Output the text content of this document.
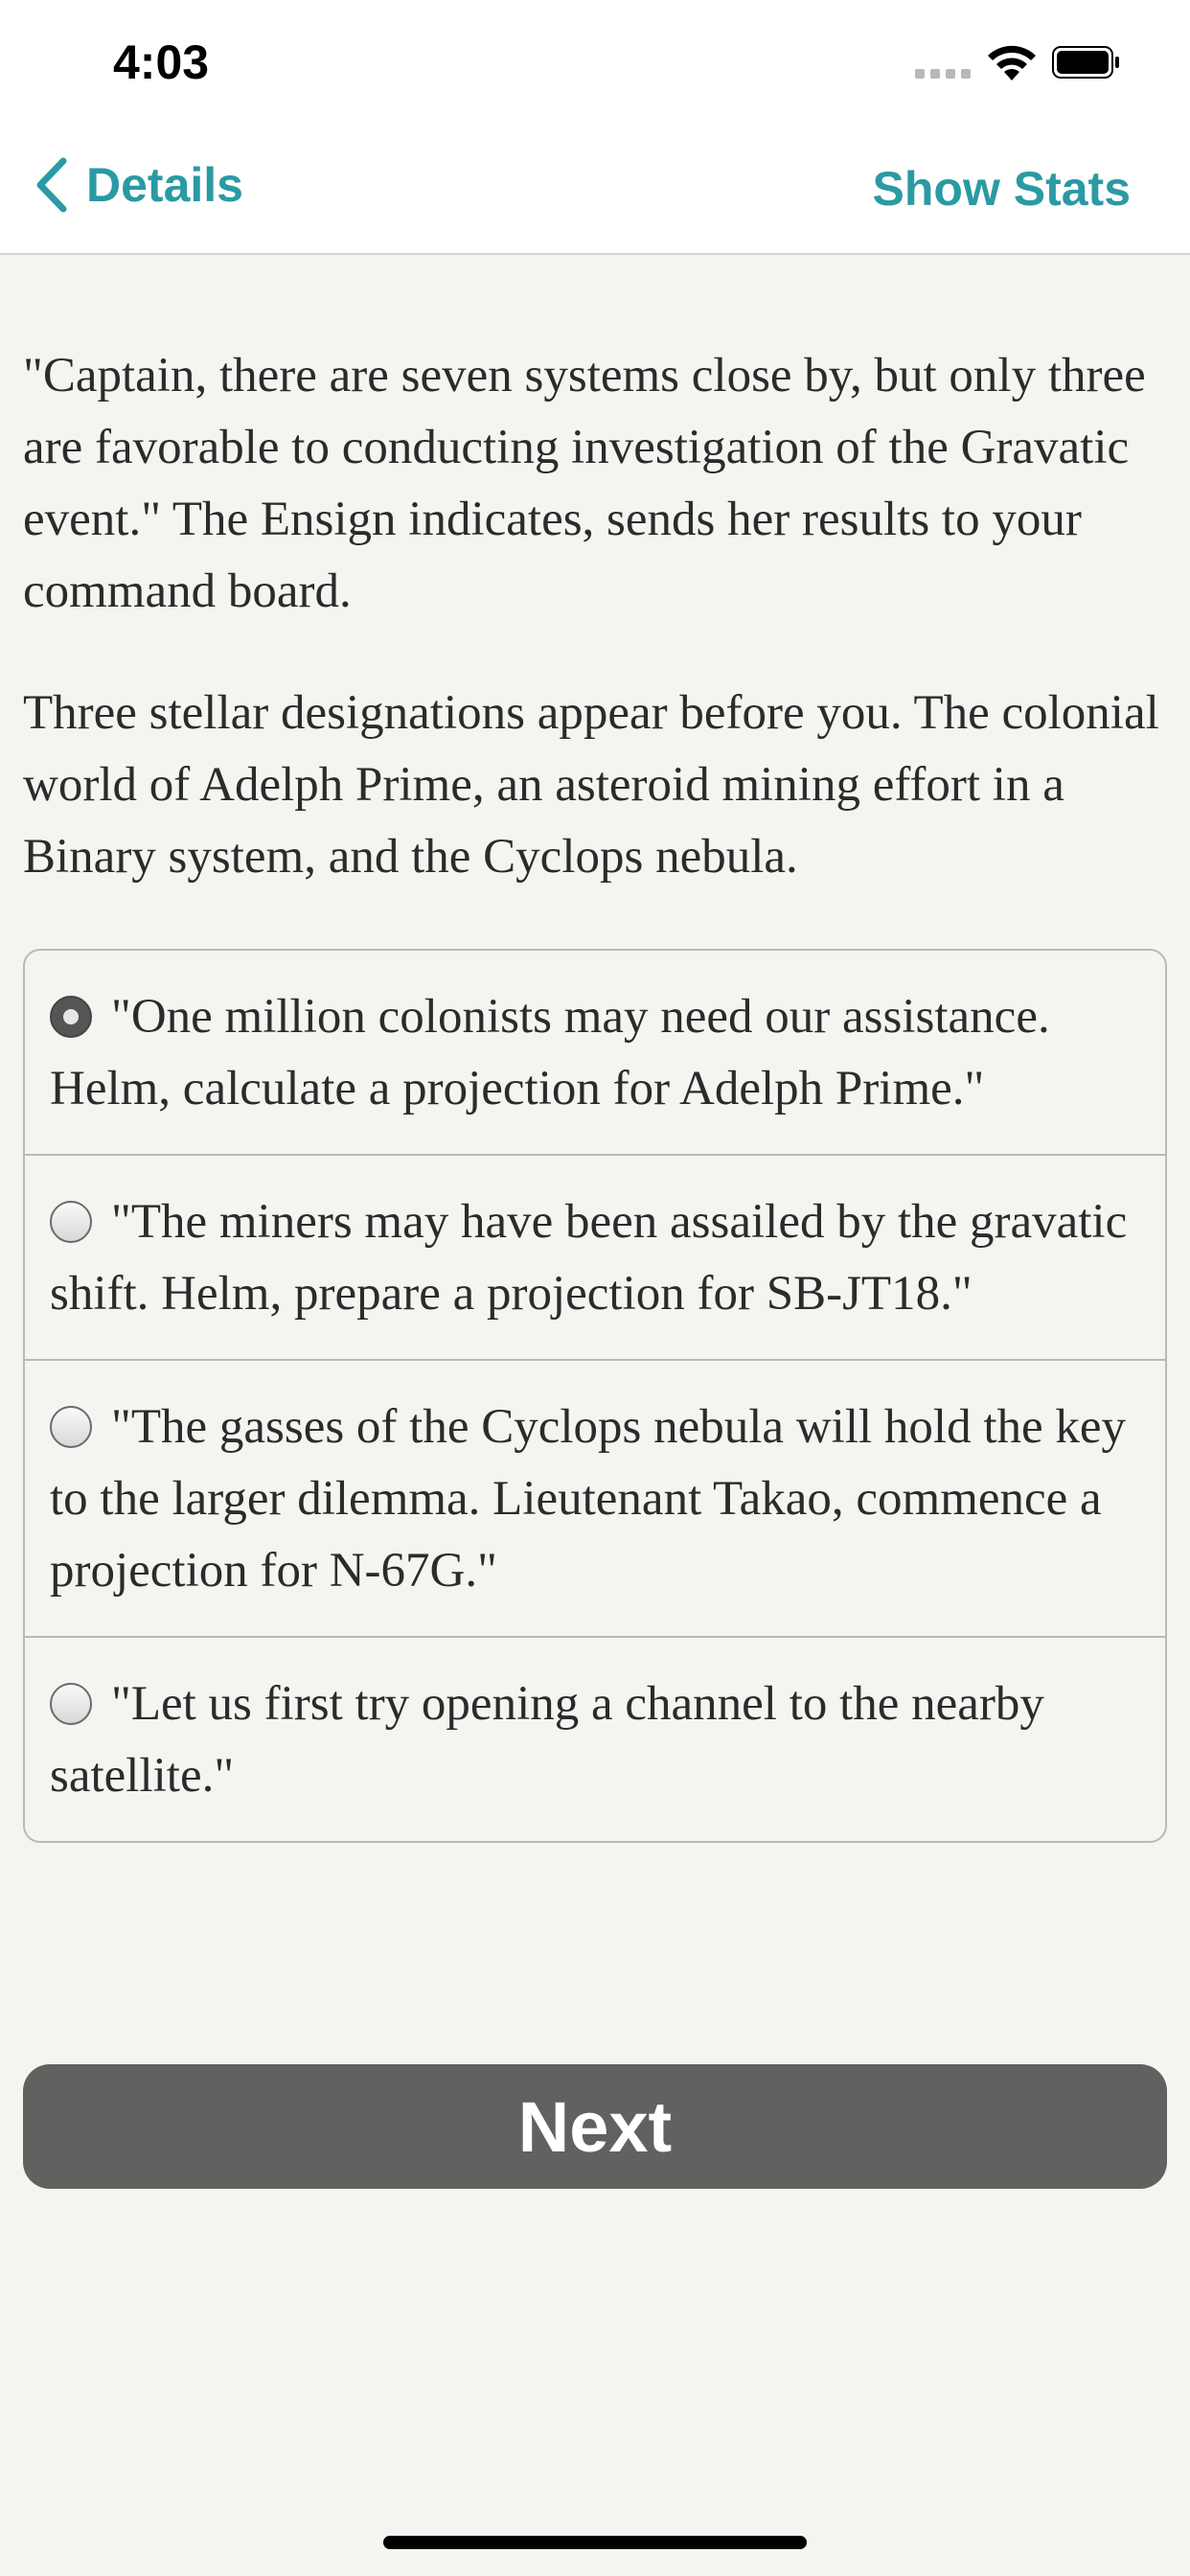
4:03
Details	Show Stats

"Captain, there are seven systems close by, but only three are favorable to conducting investigation of the Gravatic event." The Ensign indicates, sends her results to your command board.

Three stellar designations appear before you. The colonial world of Adelph Prime, an asteroid mining effort in a Binary system, and the Cyclops nebula.

"One million colonists may need our assistance. Helm, calculate a projection for Adelph Prime."
"The miners may have been assailed by the gravatic shift. Helm, prepare a projection for SB-JT18."
"The gasses of the Cyclops nebula will hold the key to the larger dilemma. Lieutenant Takao, commence a projection for N-67G."
"Let us first try opening a channel to the nearby satellite."
Next
